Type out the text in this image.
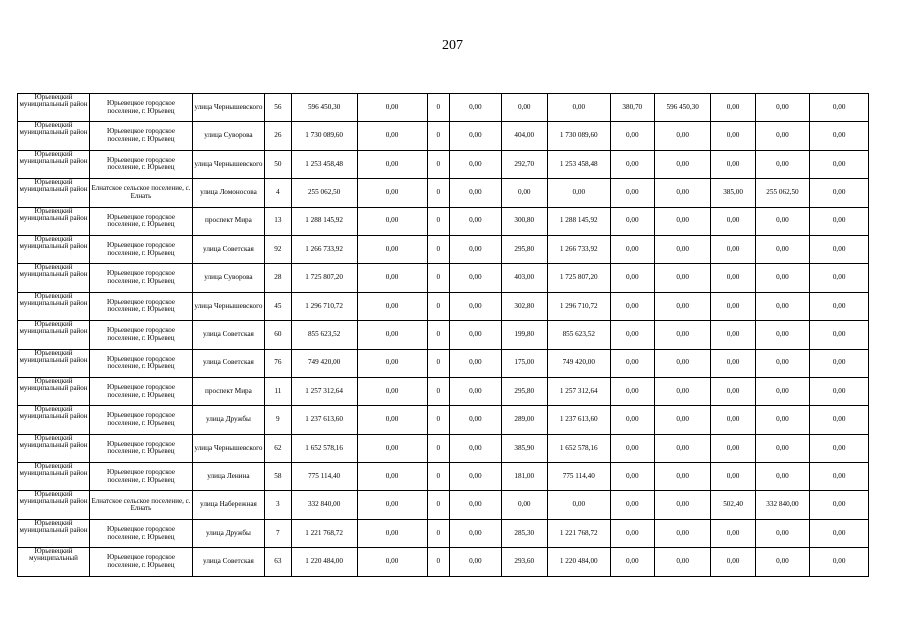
207
Юрьевецкий муниципальный район	Юрьевецкое городское поселение, г. Юрьевец	улица Чернышевского	56	596 450,30	0,00	0	0,00	0,00	0,00	380,70	596 450,30	0,00	0,00	0,00
Юрьевецкий муниципальный район	Юрьевецкое городское поселение, г. Юрьевец	улица Суворова	26	1 730 089,60	0,00	0	0,00	404,00	1 730 089,60	0,00	0,00	0,00	0,00	0,00
Юрьевецкий муниципальный район	Юрьевецкое городское поселение, г. Юрьевец	улица Чернышевского	50	1 253 458,48	0,00	0	0,00	292,70	1 253 458,48	0,00	0,00	0,00	0,00	0,00
Юрьевецкий муниципальный район	Елнатское сельское поселение, с. Елнать	улица Ломоносова	4	255 062,50	0,00	0	0,00	0,00	0,00	0,00	0,00	385,00	255 062,50	0,00
Юрьевецкий муниципальный район	Юрьевецкое городское поселение, г. Юрьевец	проспект Мира	13	1 288 145,92	0,00	0	0,00	300,80	1 288 145,92	0,00	0,00	0,00	0,00	0,00
Юрьевецкий муниципальный район	Юрьевецкое городское поселение, г. Юрьевец	улица Советская	92	1 266 733,92	0,00	0	0,00	295,80	1 266 733,92	0,00	0,00	0,00	0,00	0,00
Юрьевецкий муниципальный район	Юрьевецкое городское поселение, г. Юрьевец	улица Суворова	28	1 725 807,20	0,00	0	0,00	403,00	1 725 807,20	0,00	0,00	0,00	0,00	0,00
Юрьевецкий муниципальный район	Юрьевецкое городское поселение, г. Юрьевец	улица Чернышевского	45	1 296 710,72	0,00	0	0,00	302,80	1 296 710,72	0,00	0,00	0,00	0,00	0,00
Юрьевецкий муниципальный район	Юрьевецкое городское поселение, г. Юрьевец	улица Советская	60	855 623,52	0,00	0	0,00	199,80	855 623,52	0,00	0,00	0,00	0,00	0,00
Юрьевецкий муниципальный район	Юрьевецкое городское поселение, г. Юрьевец	улица Советская	76	749 420,00	0,00	0	0,00	175,00	749 420,00	0,00	0,00	0,00	0,00	0,00
Юрьевецкий муниципальный район	Юрьевецкое городское поселение, г. Юрьевец	проспект Мира	11	1 257 312,64	0,00	0	0,00	295,80	1 257 312,64	0,00	0,00	0,00	0,00	0,00
Юрьевецкий муниципальный район	Юрьевецкое городское поселение, г. Юрьевец	улица Дружбы	9	1 237 613,60	0,00	0	0,00	289,00	1 237 613,60	0,00	0,00	0,00	0,00	0,00
Юрьевецкий муниципальный район	Юрьевецкое городское поселение, г. Юрьевец	улица Чернышевского	62	1 652 578,16	0,00	0	0,00	385,90	1 652 578,16	0,00	0,00	0,00	0,00	0,00
Юрьевецкий муниципальный район	Юрьевецкое городское поселение, г. Юрьевец	улица Ленина	58	775 114,40	0,00	0	0,00	181,00	775 114,40	0,00	0,00	0,00	0,00	0,00
Юрьевецкий муниципальный район	Елнатское сельское поселение, с. Елнать	улица Набережная	3	332 840,00	0,00	0	0,00	0,00	0,00	0,00	0,00	502,40	332 840,00	0,00
Юрьевецкий муниципальный район	Юрьевецкое городское поселение, г. Юрьевец	улица Дружбы	7	1 221 768,72	0,00	0	0,00	285,30	1 221 768,72	0,00	0,00	0,00	0,00	0,00
Юрьевецкий муниципальный	Юрьевецкое городское поселение, г. Юрьевец	улица Советская	63	1 220 484,00	0,00	0	0,00	293,60	1 220 484,00	0,00	0,00	0,00	0,00	0,00
